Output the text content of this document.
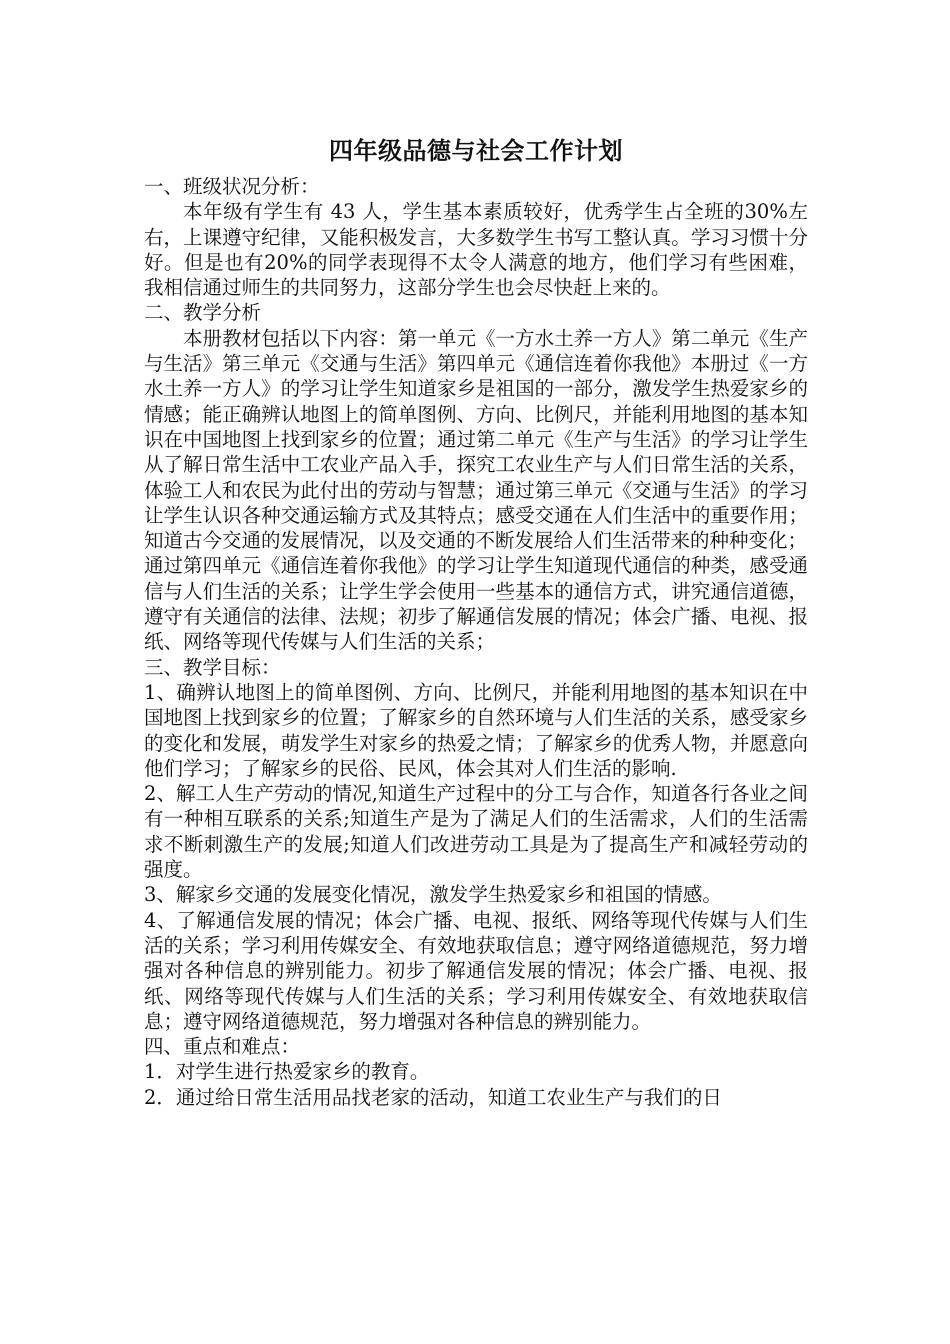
四年级品德与社会工作计划

一、班级状况分析：

本年级有学生有 43 人，学生基本素质较好，优秀学生占全班的30%左右，上课遵守纪律，又能积极发言，大多数学生书写工整认真。学习习惯十分好。但是也有20%的同学表现得不太令人满意的地方，他们学习有些困难，我相信通过师生的共同努力，这部分学生也会尽快赶上来的。

二、教学分析

本册教材包括以下内容：第一单元《一方水土养一方人》第二单元《生产与生活》第三单元《交通与生活》第四单元《通信连着你我他》本册过《一方水土养一方人》的学习让学生知道家乡是祖国的一部分，激发学生热爱家乡的情感；能正确辨认地图上的简单图例、方向、比例尺，并能利用地图的基本知识在中国地图上找到家乡的位置；通过第二单元《生产与生活》的学习让学生从了解日常生活中工农业产品入手，探究工农业生产与人们日常生活的关系，体验工人和农民为此付出的劳动与智慧；通过第三单元《交通与生活》的学习让学生认识各种交通运输方式及其特点；感受交通在人们生活中的重要作用；知道古今交通的发展情况，以及交通的不断发展给人们生活带来的种种变化；

通过第四单元《通信连着你我他》的学习让学生知道现代通信的种类，感受通信与人们生活的关系；让学生学会使用一些基本的通信方式，讲究通信道德，遵守有关通信的法律、法规；初步了解通信发展的情况；体会广播、电视、报纸、网络等现代传媒与人们生活的关系；

三、教学目标：

1、确辨认地图上的简单图例、方向、比例尺，并能利用地图的基本知识在中国地图上找到家乡的位置；了解家乡的自然环境与人们生活的关系，感受家乡的变化和发展，萌发学生对家乡的热爱之情；了解家乡的优秀人物，并愿意向他们学习；了解家乡的民俗、民风，体会其对人们生活的影响.

2、解工人生产劳动的情况,知道生产过程中的分工与合作，知道各行各业之间有一种相互联系的关系;知道生产是为了满足人们的生活需求，人们的生活需求不断刺激生产的发展;知道人们改进劳动工具是为了提高生产和减轻劳动的强度。

3、解家乡交通的发展变化情况，激发学生热爱家乡和祖国的情感。

4、了解通信发展的情况；体会广播、电视、报纸、网络等现代传媒与人们生活的关系；学习利用传媒安全、有效地获取信息；遵守网络道德规范，努力增强对各种信息的辨别能力。初步了解通信发展的情况；体会广播、电视、报纸、网络等现代传媒与人们生活的关系；学习利用传媒安全、有效地获取信息；遵守网络道德规范，努力增强对各种信息的辨别能力。

四、重点和难点：

1．对学生进行热爱家乡的教育。

2．通过给日常生活用品找老家的活动，知道工农业生产与我们的日
